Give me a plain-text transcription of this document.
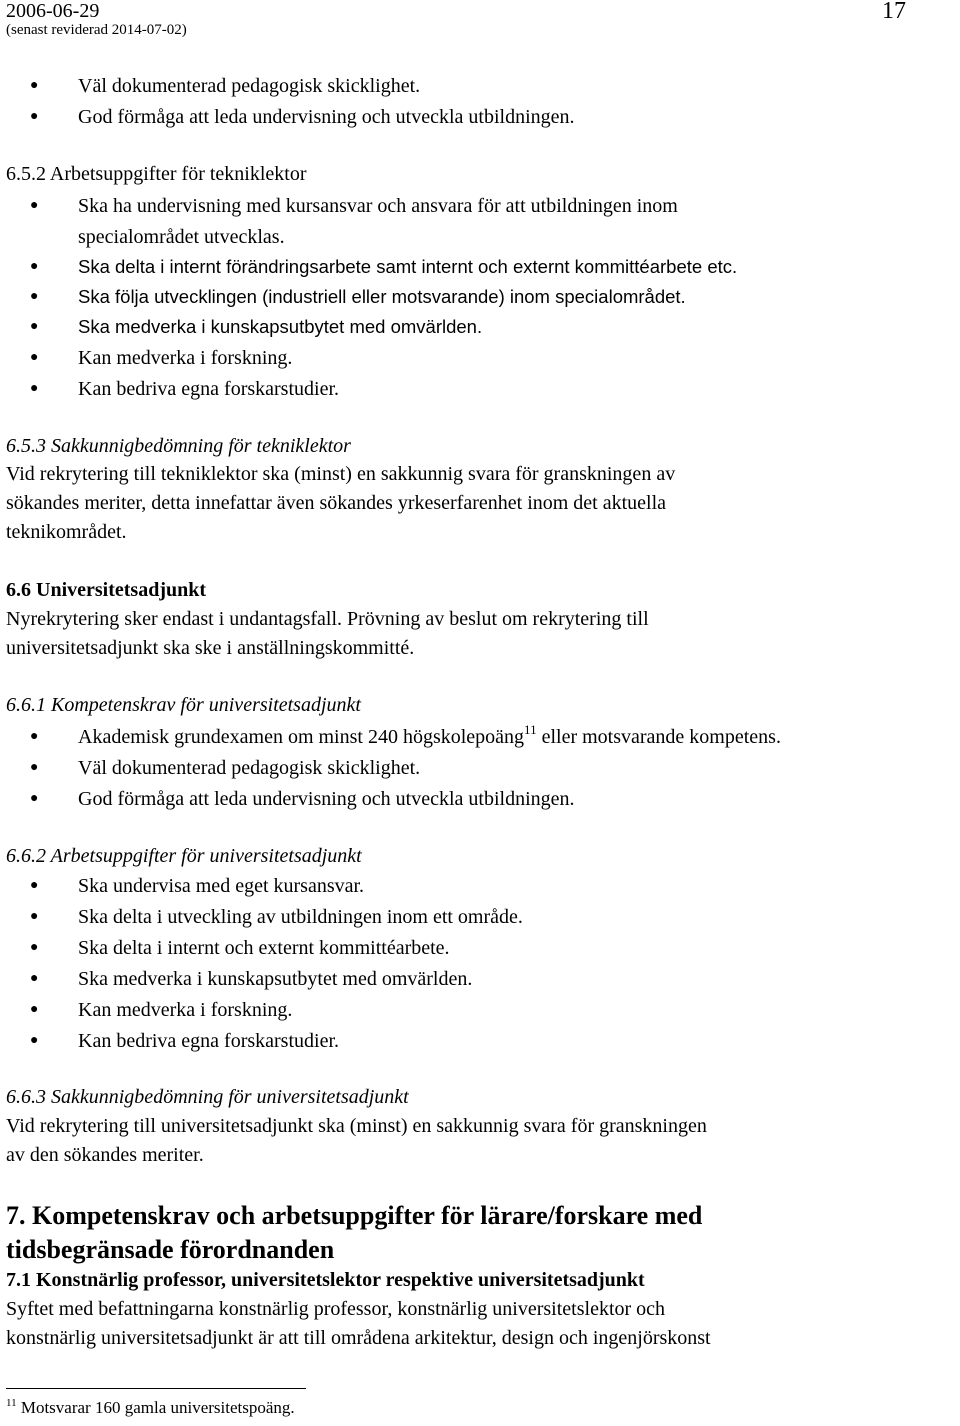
2006-06-29
(senast reviderad 2014-07-02)
17
● Väl dokumenterad pedagogisk skicklighet.
● God förmåga att leda undervisning och utveckla utbildningen.
6.5.2 Arbetsuppgifter för tekniklektor
● Ska ha undervisning med kursansvar och ansvara för att utbildningen inom
specialområdet utvecklas.
● Ska delta i internt förändringsarbete samt internt och externt kommittéarbete etc.
● Ska följa utvecklingen (industriell eller motsvarande) inom specialområdet.
● Ska medverka i kunskapsutbytet med omvärlden.
● Kan medverka i forskning.
● Kan bedriva egna forskarstudier.
6.5.3 Sakkunnigbedömning för tekniklektor
Vid rekrytering till tekniklektor ska (minst) en sakkunnig svara för granskningen av
sökandes meriter, detta innefattar även sökandes yrkeserfarenhet inom det aktuella
teknikområdet.
6.6 Universitetsadjunkt
Nyrekrytering sker endast i undantagsfall. Prövning av beslut om rekrytering till
universitetsadjunkt ska ske i anställningskommitté.
6.6.1 Kompetenskrav för universitetsadjunkt
● Akademisk grundexamen om minst 240 högskolepoäng$^{11}$ eller motsvarande kompetens.
● Väl dokumenterad pedagogisk skicklighet.
● God förmåga att leda undervisning och utveckla utbildningen.
6.6.2 Arbetsuppgifter för universitetsadjunkt
● Ska undervisa med eget kursansvar.
● Ska delta i utveckling av utbildningen inom ett område.
● Ska delta i internt och externt kommittéarbete.
● Ska medverka i kunskapsutbytet med omvärlden.
● Kan medverka i forskning.
● Kan bedriva egna forskarstudier.
6.6.3 Sakkunnigbedömning för universitetsadjunkt
Vid rekrytering till universitetsadjunkt ska (minst) en sakkunnig svara för granskningen
av den sökandes meriter.
7. Kompetenskrav och arbetsuppgifter för lärare/forskare med
tidsbegränsade förordnanden
7.1 Konstnärlig professor, universitetslektor respektive universitetsadjunkt
Syftet med befattningarna konstnärlig professor, konstnärlig universitetslektor och
konstnärlig universitetsadjunkt är att till områdena arkitektur, design och ingenjörskonst
$^{11}$ Motsvarar 160 gamla universitetspoäng.
